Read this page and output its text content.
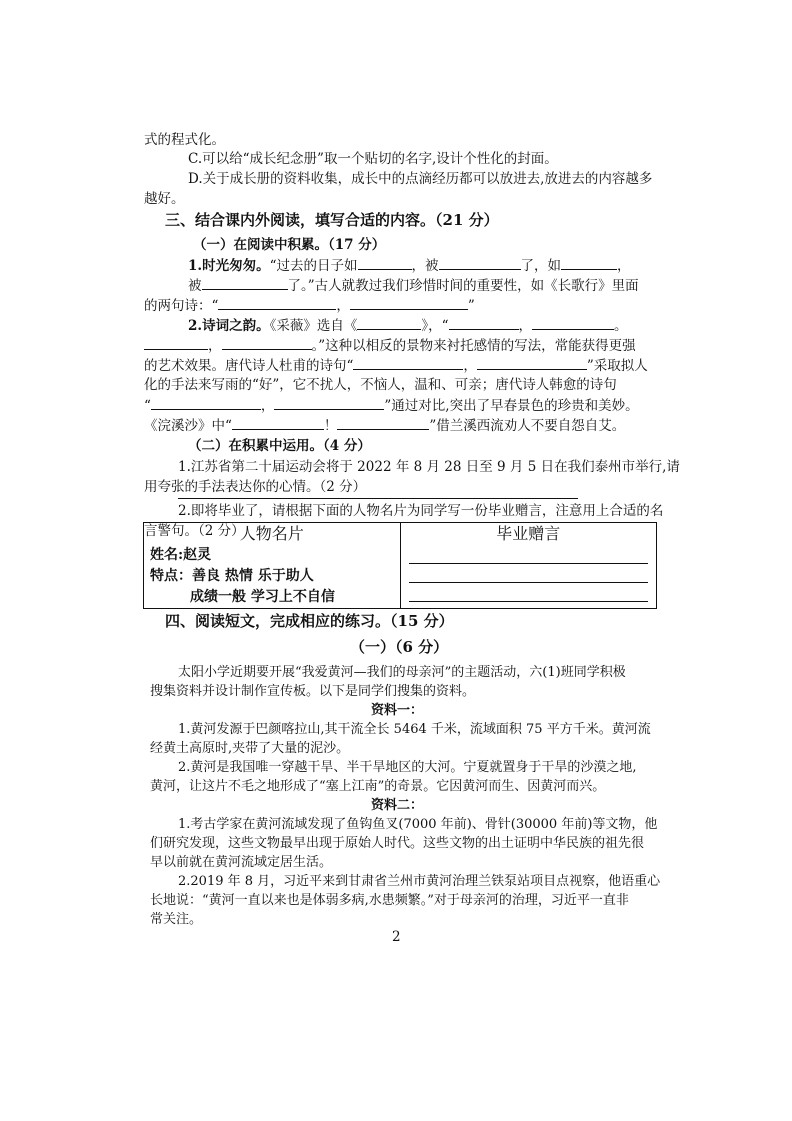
式的程式化。
C.可以给“成长纪念册”取一个贴切的名字,设计个性化的封面。
D.关于成长册的资料收集，成长中的点滴经历都可以放进去,放进去的内容越多
越好。
三、结合课内外阅读，填写合适的内容。（21 分）
（一）在阅读中积累。（17 分）
1.时光匆匆。“过去的日子如	，被	了，如	，
被	了。”古人就教过我们珍惜时间的重要性，如《长歌行》里面
的两句诗：“	，	”
2.诗词之韵。《采薇》选自《	》，“	，	。
，	。”这种以相反的景物来衬托感情的写法，常能获得更强
的艺术效果。唐代诗人杜甫的诗句“	，	”采取拟人
化的手法来写雨的“好”，它不扰人，不恼人，温和、可亲；唐代诗人韩愈的诗句
“	，	”通过对比,突出了早春景色的珍贵和美妙。
《浣溪沙》中“	！	”借兰溪西流劝人不要自怨自艾。
（二）在积累中运用。（4 分）
1.江苏省第二十届运动会将于 2022 年 8 月 28 日至 9 月 5 日在我们泰州市举行,请
用夸张的手法表达你的心情。（2 分）
2.即将毕业了，请根据下面的人物名片为同学写一份毕业赠言，注意用上合适的名
言警句。（2 分）
人物名片
姓名:赵灵
特点：善良 热情 乐于助人
成绩一般 学习上不自信

毕业赠言
四、阅读短文，完成相应的练习。（15 分）
（一）（6 分）
太阳小学近期要开展“我爱黄河—我们的母亲河”的主题活动，六(1)班同学积极
搜集资料并设计制作宣传板。以下是同学们搜集的资料。
资料一：
1.黄河发源于巴颜喀拉山,其干流全长 5464 千米，流域面积 75 平方千米。黄河流
经黄土高原时,夹带了大量的泥沙。
2.黄河是我国唯一穿越干旱、半干旱地区的大河。宁夏就置身于干旱的沙漠之地,
黄河，让这片不毛之地形成了“塞上江南”的奇景。它因黄河而生、因黄河而兴。
资料二：
1.考古学家在黄河流域发现了鱼钩鱼叉(7000 年前)、骨针(30000 年前)等文物，他
们研究发现，这些文物最早出现于原始人时代。这些文物的出土证明中华民族的祖先很
早以前就在黄河流域定居生活。
2.2019 年 8 月，习近平来到甘肃省兰州市黄河治理兰铁泵站项目点视察，他语重心
长地说：“黄河一直以来也是体弱多病,水患频繁。”对于母亲河的治理，习近平一直非
常关注。
2
